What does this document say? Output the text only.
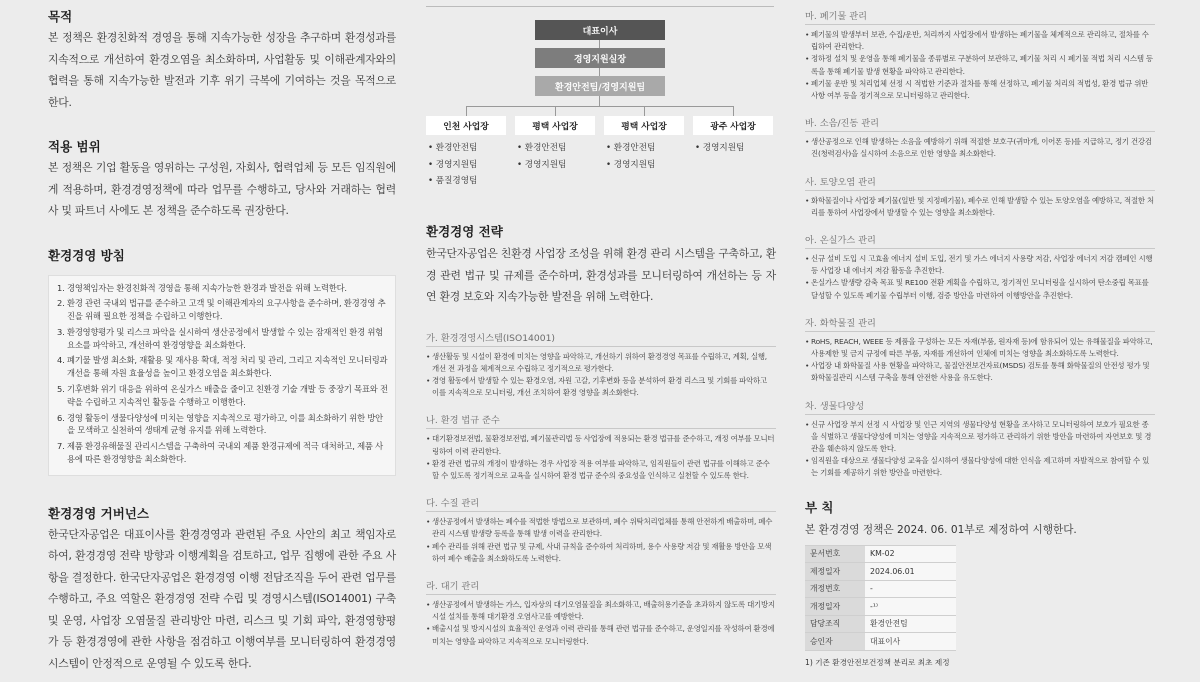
목적
본 정책은 환경친화적 경영을 통해 지속가능한 성장을 추구하며 환경성과를 지속적으로 개선하여 환경오염을 최소화하며, 사업활동 및 이해관계자와의 협력을 통해 지속가능한 발전과 기후 위기 극복에 기여하는 것을 목적으로 한다.
적용 범위
본 정책은 기업 활동을 영위하는 구성원, 자회사, 협력업체 등 모든 임직원에게 적용하며, 환경경영정책에 따라 업무를 수행하고, 당사와 거래하는 협력사 및 파트너 사에도 본 정책을 준수하도록 권장한다.
환경경영 방침
1. 경영책임자는 환경친화적 경영을 통해 지속가능한 환경과 발전을 위해 노력한다.
2. 환경 관련 국내외 법규를 준수하고 고객 및 이해관계자의 요구사항을 준수하며, 환경경영 추진을 위해 필요한 정책을 수립하고 이행한다.
3. 환경영향평가 및 리스크 파악을 실시하여 생산공정에서 발생할 수 있는 잠재적인 환경 위험 요소를 파악하고, 개선하여 환경영향을 최소화한다.
4. 폐기물 발생 최소화, 재활용 및 재사용 확대, 적정 처리 및 관리, 그리고 지속적인 모니터링과 개선을 통해 자원 효율성을 높이고 환경오염을 최소화한다.
5. 기후변화 위기 대응을 위하여 온실가스 배출을 줄이고 친환경 기술 개발 등 중장기 목표와 전략을 수립하고 지속적인 활동을 수행하고 이행한다.
6. 경영 활동이 생물다양성에 미치는 영향을 지속적으로 평가하고, 이를 최소화하기 위한 방안을 모색하고 실천하여 생태계 균형 유지를 위해 노력한다.
7. 제품 환경유해물질 관리시스템을 구축하여 국내외 제품 환경규제에 적극 대처하고, 제품 사용에 따른 환경영향을 최소화한다.
환경경영 거버넌스
한국단자공업은 대표이사를 환경경영과 관련된 주요 사안의 최고 책임자로 하여, 환경경영 전략 방향과 이행계획을 검토하고, 업무 집행에 관한 주요 사항을 결정한다. 한국단자공업은 환경경영 이행 전담조직을 두어 관련 업무를 수행하고, 주요 역할은 환경경영 전략 수립 및 경영시스템(ISO14001) 구축 및 운영, 사업장 오염물질 관리방안 마련, 리스크 및 기회 파악, 환경영향평가 등 환경경영에 관한 사항을 점검하고 이행여부를 모니터링하여 환경경영 시스템이 안정적으로 운영될 수 있도록 한다.
대표이사
경영지원실장
환경안전팀/경영지원팀
인천 사업장	평택 사업장	평택 사업장	광주 사업장
• 환경안전팀
• 경영지원팀
• 품질경영팀
• 환경안전팀
• 경영지원팀
• 환경안전팀
• 경영지원팀
• 경영지원팀
환경경영 전략
한국단자공업은 친환경 사업장 조성을 위해 환경 관리 시스템을 구축하고, 환경 관련 법규 및 규제를 준수하며, 환경성과를 모니터링하여 개선하는 등 자연 환경 보호와 지속가능한 발전을 위해 노력한다.
가. 환경경영시스템(ISO14001)
• 생산활동 및 시설이 환경에 미치는 영향을 파악하고, 개선하기 위하여 환경경영 목표를 수립하고, 계획, 실행, 개선 전 과정을 체계적으로 수립하고 정기적으로 평가한다.
• 경영 활동에서 발생할 수 있는 환경오염, 자원 고갈, 기후변화 등을 분석하여 환경 리스크 및 기회를 파악하고 이를 지속적으로 모니터링, 개선 조치하여 환경 영향을 최소화한다.
나. 환경 법규 준수
• 대기환경보전법, 물환경보전법, 폐기물관리법 등 사업장에 적용되는 환경 법규를 준수하고, 개정 여부를 모니터링하여 이력 관리한다.
• 환경 관련 법규의 개정이 발생하는 경우 사업장 적용 여부를 파악하고, 임직원들이 관련 법규를 이해하고 준수할 수 있도록 정기적으로 교육을 실시하여 환경 법규 준수의 중요성을 인식하고 실천할 수 있도록 한다.
다. 수질 관리
• 생산공정에서 발생하는 폐수를 적법한 방법으로 보관하며, 폐수 위탁처리업체를 통해 안전하게 배출하며, 폐수 관리 시스템 발생량 등록을 통해 발생 이력을 관리한다.
• 폐수 관리를 위해 관련 법규 및 규제, 사내 규칙을 준수하여 처리하며, 용수 사용량 저감 및 재활용 방안을 모색하여 폐수 배출을 최소화하도록 노력한다.
라. 대기 관리
• 생산공정에서 발생하는 가스, 입자상의 대기오염물질을 최소화하고, 배출허용기준을 초과하지 않도록 대기방지시설 설치를 통해 대기환경 오염사고를 예방한다.
• 배출시설 및 방지시설의 효율적인 운영과 이력 관리를 통해 관련 법규를 준수하고, 운영일지를 작성하여 환경에 미치는 영향을 파악하고 지속적으로 모니터링한다.
마. 폐기물 관리
• 폐기물의 발생부터 보관, 수집/운반, 처리까지 사업장에서 발생하는 폐기물을 체계적으로 관리하고, 절차를 수립하여 관리한다.
• 정하정 설치 및 운영을 통해 폐기물을 종류별로 구분하여 보관하고, 폐기물 처리 시 폐기물 적법 처리 시스템 등록을 통해 폐기물 발생 현황을 파악하고 관리한다.
• 폐기물 운반 및 처리업체 선정 시 적법한 기준과 절차를 통해 선정하고, 폐기물 처리의 적법성, 환경 법규 위반사항 여부 등을 정기적으로 모니터링하고 관리한다.
바. 소음/진동 관리
• 생산공정으로 인해 발생하는 소음을 예방하기 위해 적절한 보호구(귀마개, 이어폰 등)를 지급하고, 정기 건강검진(청력검사)을 실시하여 소음으로 인한 영향을 최소화한다.
사. 토양오염 관리
• 화학물질이나 사업장 폐기물(일반 및 지정폐기물), 폐수로 인해 발생할 수 있는 토양오염을 예방하고, 적절한 처리를 통하여 사업장에서 발생할 수 있는 영향을 최소화한다.
아. 온실가스 관리
• 신규 설비 도입 시 고효율 에너지 설비 도입, 전기 및 가스 에너지 사용량 저감, 사업장 에너지 저감 캠페인 시행 등 사업장 내 에너지 저감 활동을 추진한다.
• 온실가스 발생량 감축 목표 및 RE100 전환 계획을 수립하고, 정기적인 모니터링을 실시하여 탄소중립 목표를 달성할 수 있도록 폐기물 수립부터 이행, 검증 방안을 마련하여 이행방안을 추진한다.
자. 화학물질 관리
• RoHS, REACH, WEEE 등 제품을 구성하는 모든 자재(부품, 원자재 등)에 함유되어 있는 유해물질을 파악하고, 사용제한 및 금지 규정에 따른 부품, 자재를 개선하여 인체에 미치는 영향을 최소화하도록 노력한다.
• 사업장 내 화학물질 사용 현황을 파악하고, 물질안전보건자료(MSDS) 검토를 통해 화학물질의 안전성 평가 및 화학물질관리 시스템 구축을 통해 안전한 사용을 유도한다.
차. 생물다양성
• 신규 사업장 부지 선정 시 사업장 및 인근 지역의 생물다양성 현황을 조사하고 모니터링하여 보호가 필요한 종을 식별하고 생물다양성에 미치는 영향을 지속적으로 평가하고 관리하기 위한 방안을 마련하여 자연보호 및 경관을 훼손하지 않도록 한다.
• 임직원을 대상으로 생물다양성 교육을 실시하여 생물다양성에 대한 인식을 제고하며 자발적으로 참여할 수 있는 기회를 제공하기 위한 방안을 마련한다.
부 칙
본 환경경영 정책은 2024. 06. 01부로 제정하여 시행한다.
문서번호	KM-02
제정일자	2024.06.01
개정번호	-
개정일자	-¹⁾
담당조직	환경안전팀
승인자	대표이사
1) 기존 환경안전보건정책 분리로 최초 제정
